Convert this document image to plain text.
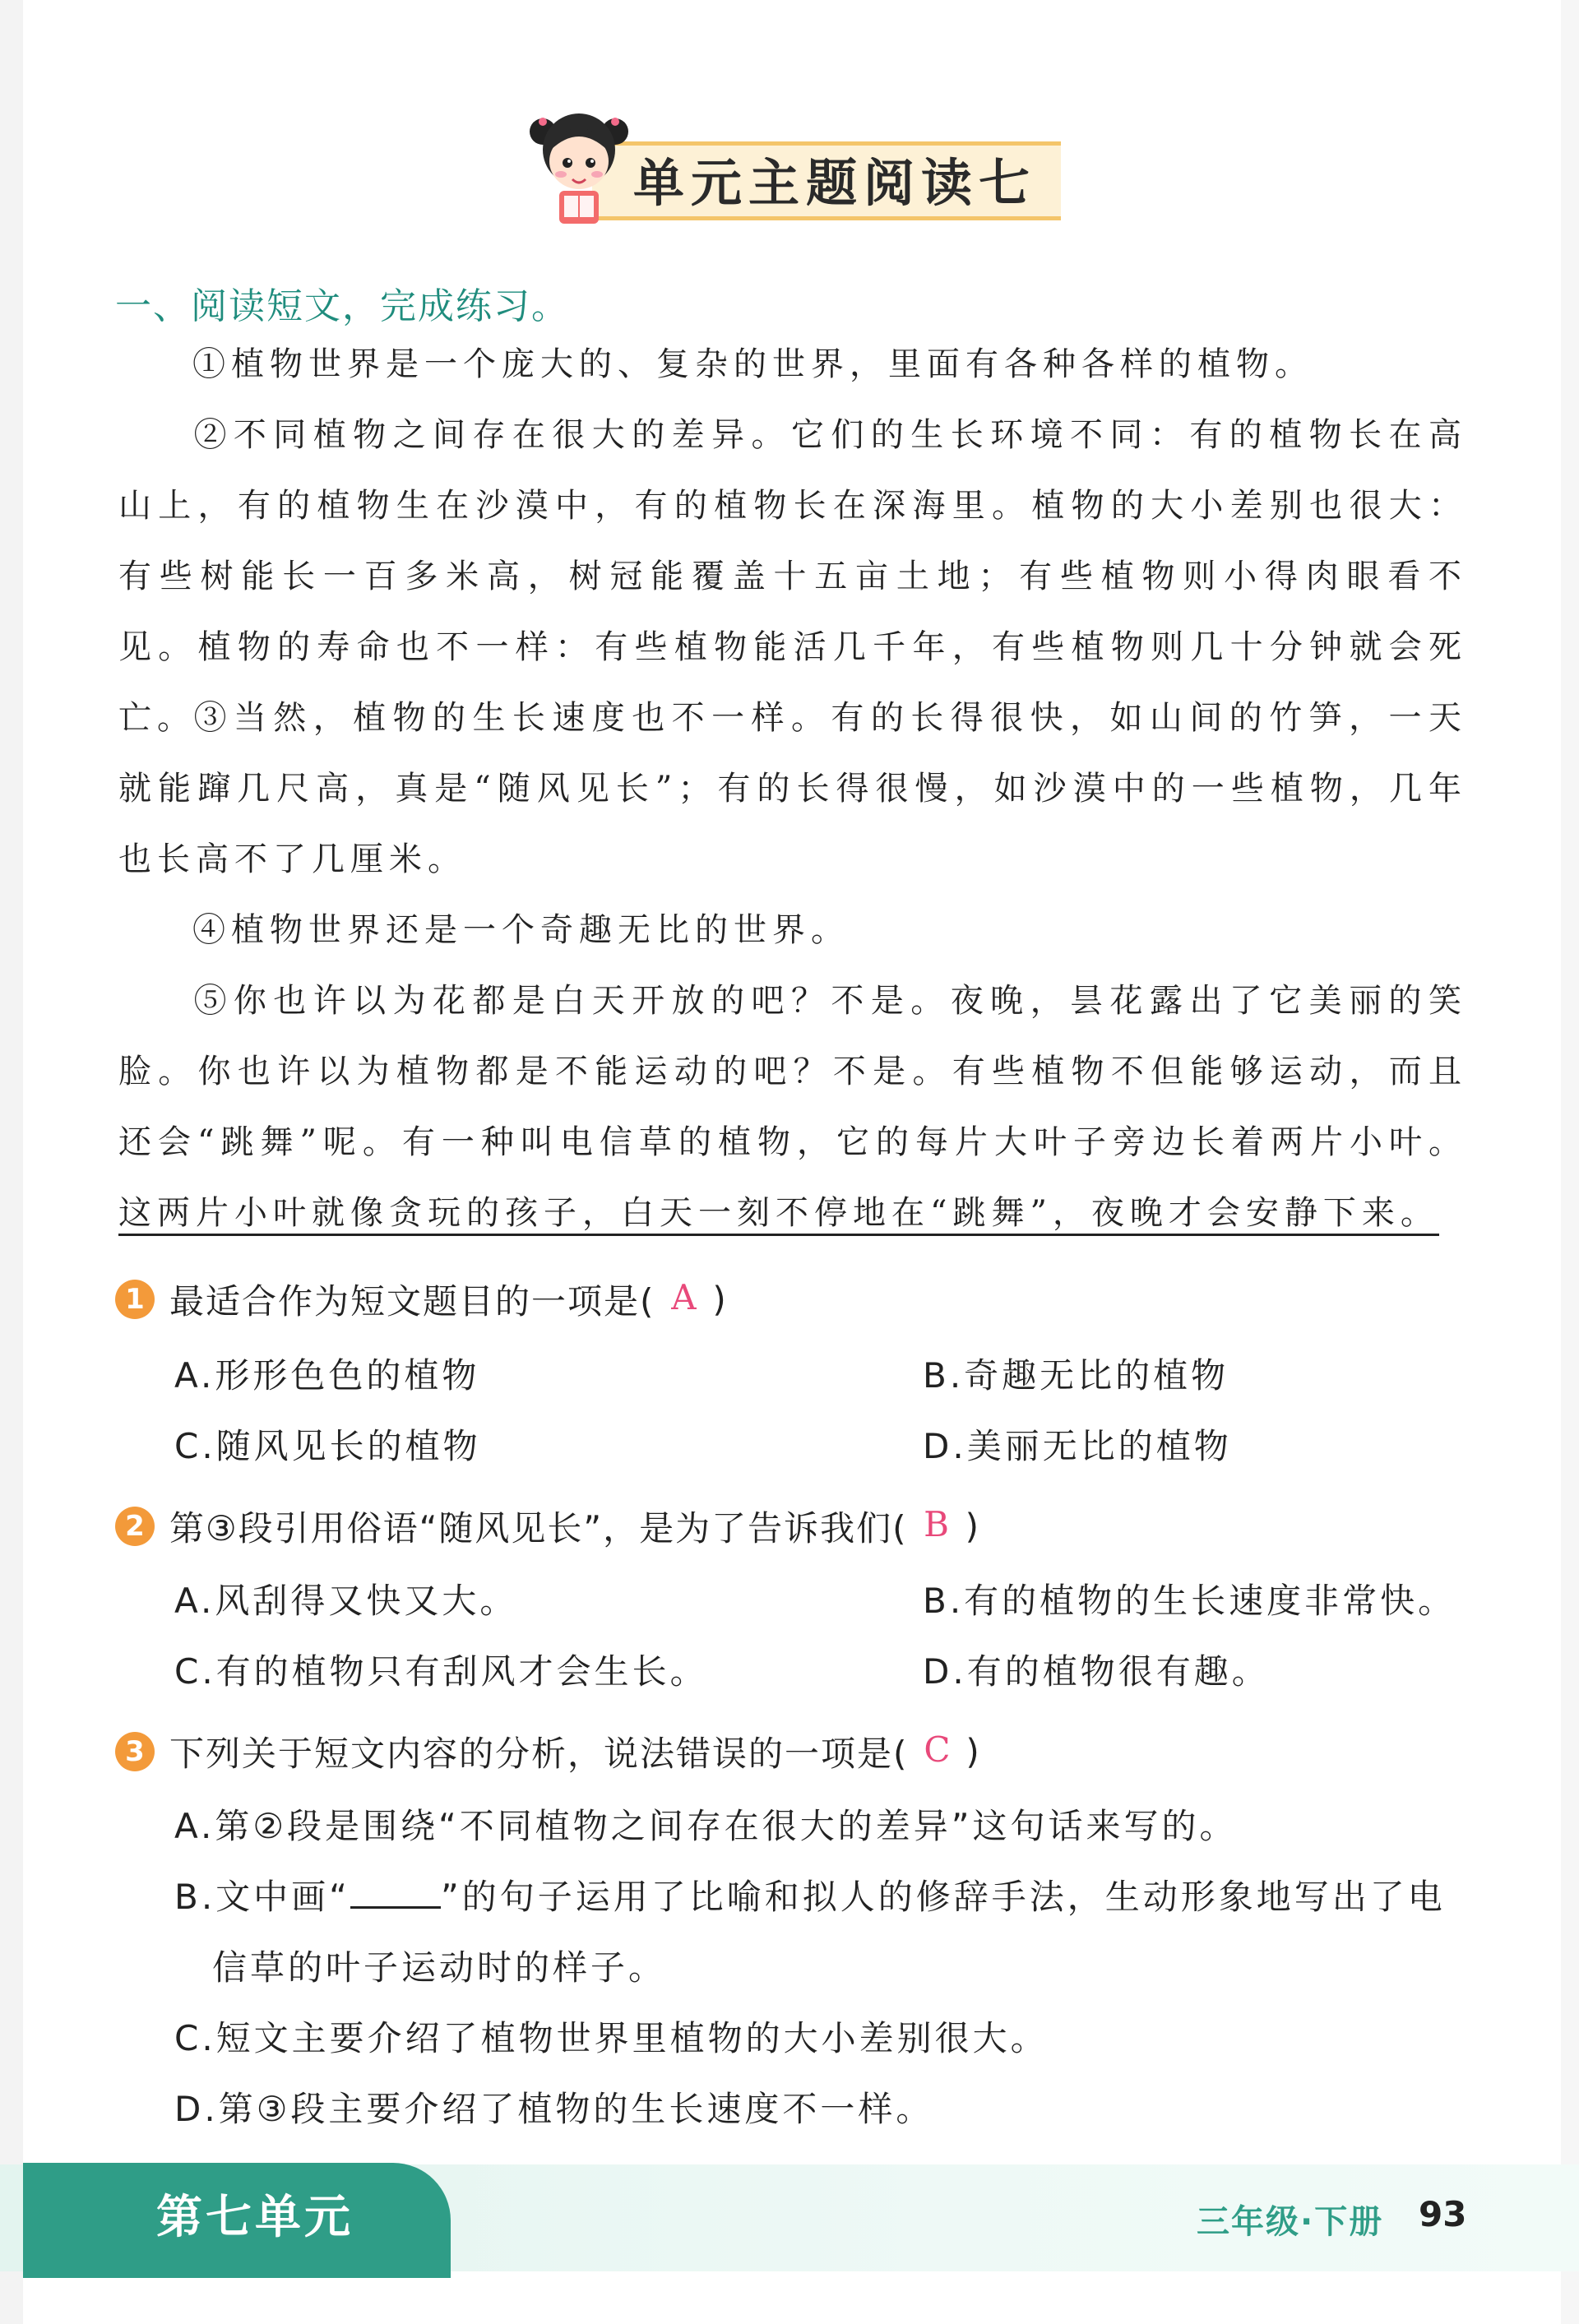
单元主题阅读七
一、阅读短文，完成练习。
①植物世界是一个庞大的、复杂的世界，里面有各种各样的植物。
②不同植物之间存在很大的差异。它们的生长环境不同：有的植物长在高山上，有的植物生在沙漠中，有的植物长在深海里。植物的大小差别也很大：有些树能长一百多米高，树冠能覆盖十五亩土地；有些植物则小得肉眼看不见。植物的寿命也不一样：有些植物能活几千年，有些植物则几十分钟就会死亡。
③当然，植物的生长速度也不一样。有的长得很快，如山间的竹笋，一天就能蹿几尺高，真是“随风见长”；有的长得很慢，如沙漠中的一些植物，几年也长高不了几厘米。
④植物世界还是一个奇趣无比的世界。
⑤你也许以为花都是白天开放的吧？不是。夜晚，昙花露出了它美丽的笑脸。你也许以为植物都是不能运动的吧？不是。有些植物不但能够运动，而且还会“跳舞”呢。有一种叫电信草的植物，它的每片大叶子旁边长着两片小叶。这两片小叶就像贪玩的孩子，白天一刻不停地在“跳舞”，夜晚才会安静下来。
1 最适合作为短文题目的一项是( A )
A.形形色色的植物	B.奇趣无比的植物
C.随风见长的植物	D.美丽无比的植物
2 第③段引用俗语“随风见长”，是为了告诉我们( B )
A.风刮得又快又大。	B.有的植物的生长速度非常快。
C.有的植物只有刮风才会生长。	D.有的植物很有趣。
3 下列关于短文内容的分析，说法错误的一项是( C )
A.第②段是围绕“不同植物之间存在很大的差异”这句话来写的。
B.文中画“	”的句子运用了比喻和拟人的修辞手法，生动形象地写出了电
信草的叶子运动时的样子。
C.短文主要介绍了植物世界里植物的大小差别很大。
D.第③段主要介绍了植物的生长速度不一样。
第七单元	三年级·下册 93
